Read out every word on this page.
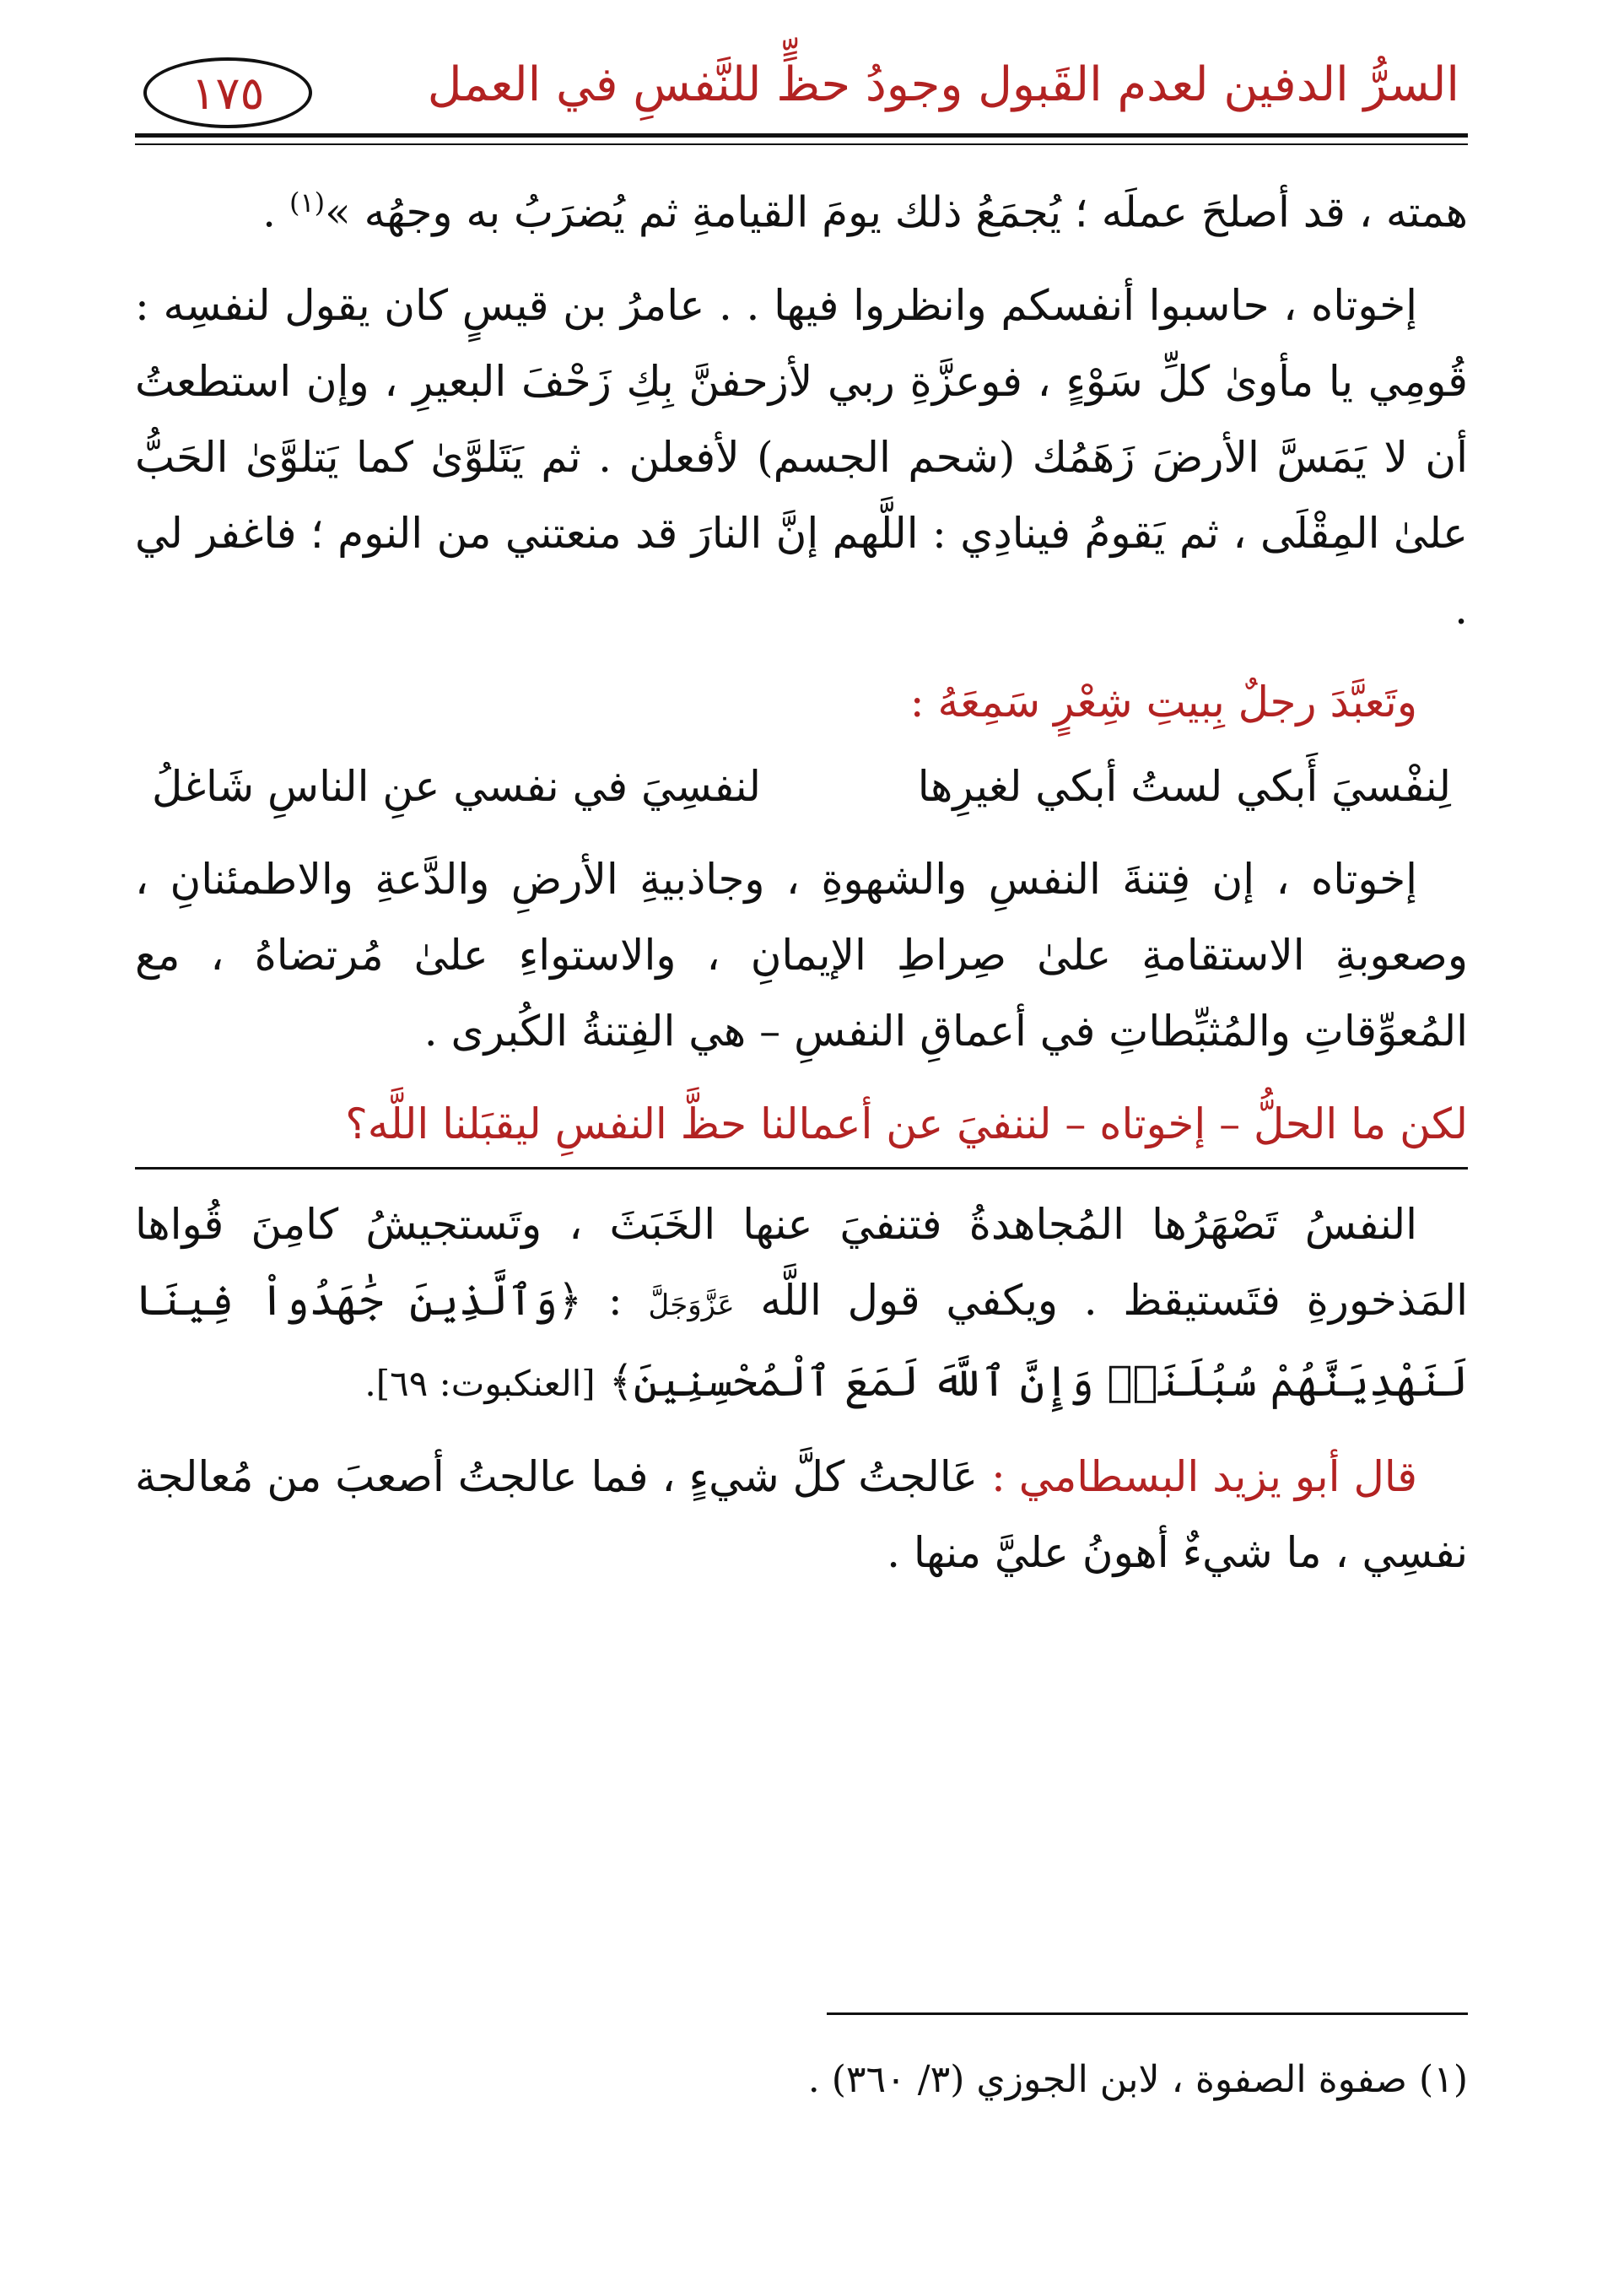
السرُّ الدفين لعدم القَبول وجودُ حظٍّ للنَّفسِ في العمل
١٧٥

همته ، قد أصلحَ عملَه ؛ يُجمَعُ ذلك يومَ القيامةِ ثم يُضرَبُ به وجهُه »$^{(١)}$ .

إخوتاه ، حاسبوا أنفسكم وانظروا فيها . . عامرُ بن قيسٍ كان يقول لنفسِه : قُومِي يا مأوىٰ كلِّ سَوْءٍ ، فوعزَّةِ ربي لأزحفنَّ بِكِ زَحْفَ البعيرِ ، وإن استطعتُ أن لا يَمَسَّ الأرضَ زَهَمُك (شحم الجسم) لأفعلن . ثم يَتَلوَّىٰ كما يَتلوَّىٰ الحَبُّ علىٰ المِقْلَى ، ثم يَقومُ فينادِي : اللَّهم إنَّ النارَ قد منعتني من النوم ؛ فاغفر لي .

وتَعبَّدَ رجلٌ بِبيتِ شِعْرٍ سَمِعَهُ :

لِنفْسيَ أَبكي لستُ أبكي لغيرِها
لنفسِيَ في نفسي عنِ الناسِ شَاغلُ

إخوتاه ، إن فِتنةَ النفسِ والشهوةِ ، وجاذبيةِ الأرضِ والدَّعةِ والاطمئنانِ ، وصعوبةِ الاستقامةِ علىٰ صِراطِ الإيمانِ ، والاستواءِ علىٰ مُرتضاهُ ، مع المُعوِّقاتِ والمُثبِّطاتِ في أعماقِ النفسِ – هي الفِتنةُ الكُبرى .

لكن ما الحلُّ – إخوتاه – لننفيَ عن أعمالنا حظَّ النفسِ ليقبَلنا اللَّه؟

النفسُ تَصْهَرُها المُجاهدةُ فتنفيَ عنها الخَبَثَ ، وتَستجيشُ كامِنَ قُواها المَذخورةِ فتَستيقظ . ويكفي قول اللَّه عَزَّوَجَلَّ : ﴿وَٱلَّذِينَ جَٰهَدُواْ فِينَا لَنَهْدِيَنَّهُمْ سُبُلَنَاۚ وَإِنَّ ٱللَّهَ لَمَعَ ٱلْمُحْسِنِينَ﴾ [العنكبوت: ٦٩].

قال أبو يزيد البسطامي : عَالجتُ كلَّ شيءٍ ، فما عالجتُ أصعبَ من مُعالجة نفسِي ، ما شيءٌ أهونُ عليَّ منها .

(١) صفوة الصفوة ، لابن الجوزي (٣/ ٣٦٠) .
